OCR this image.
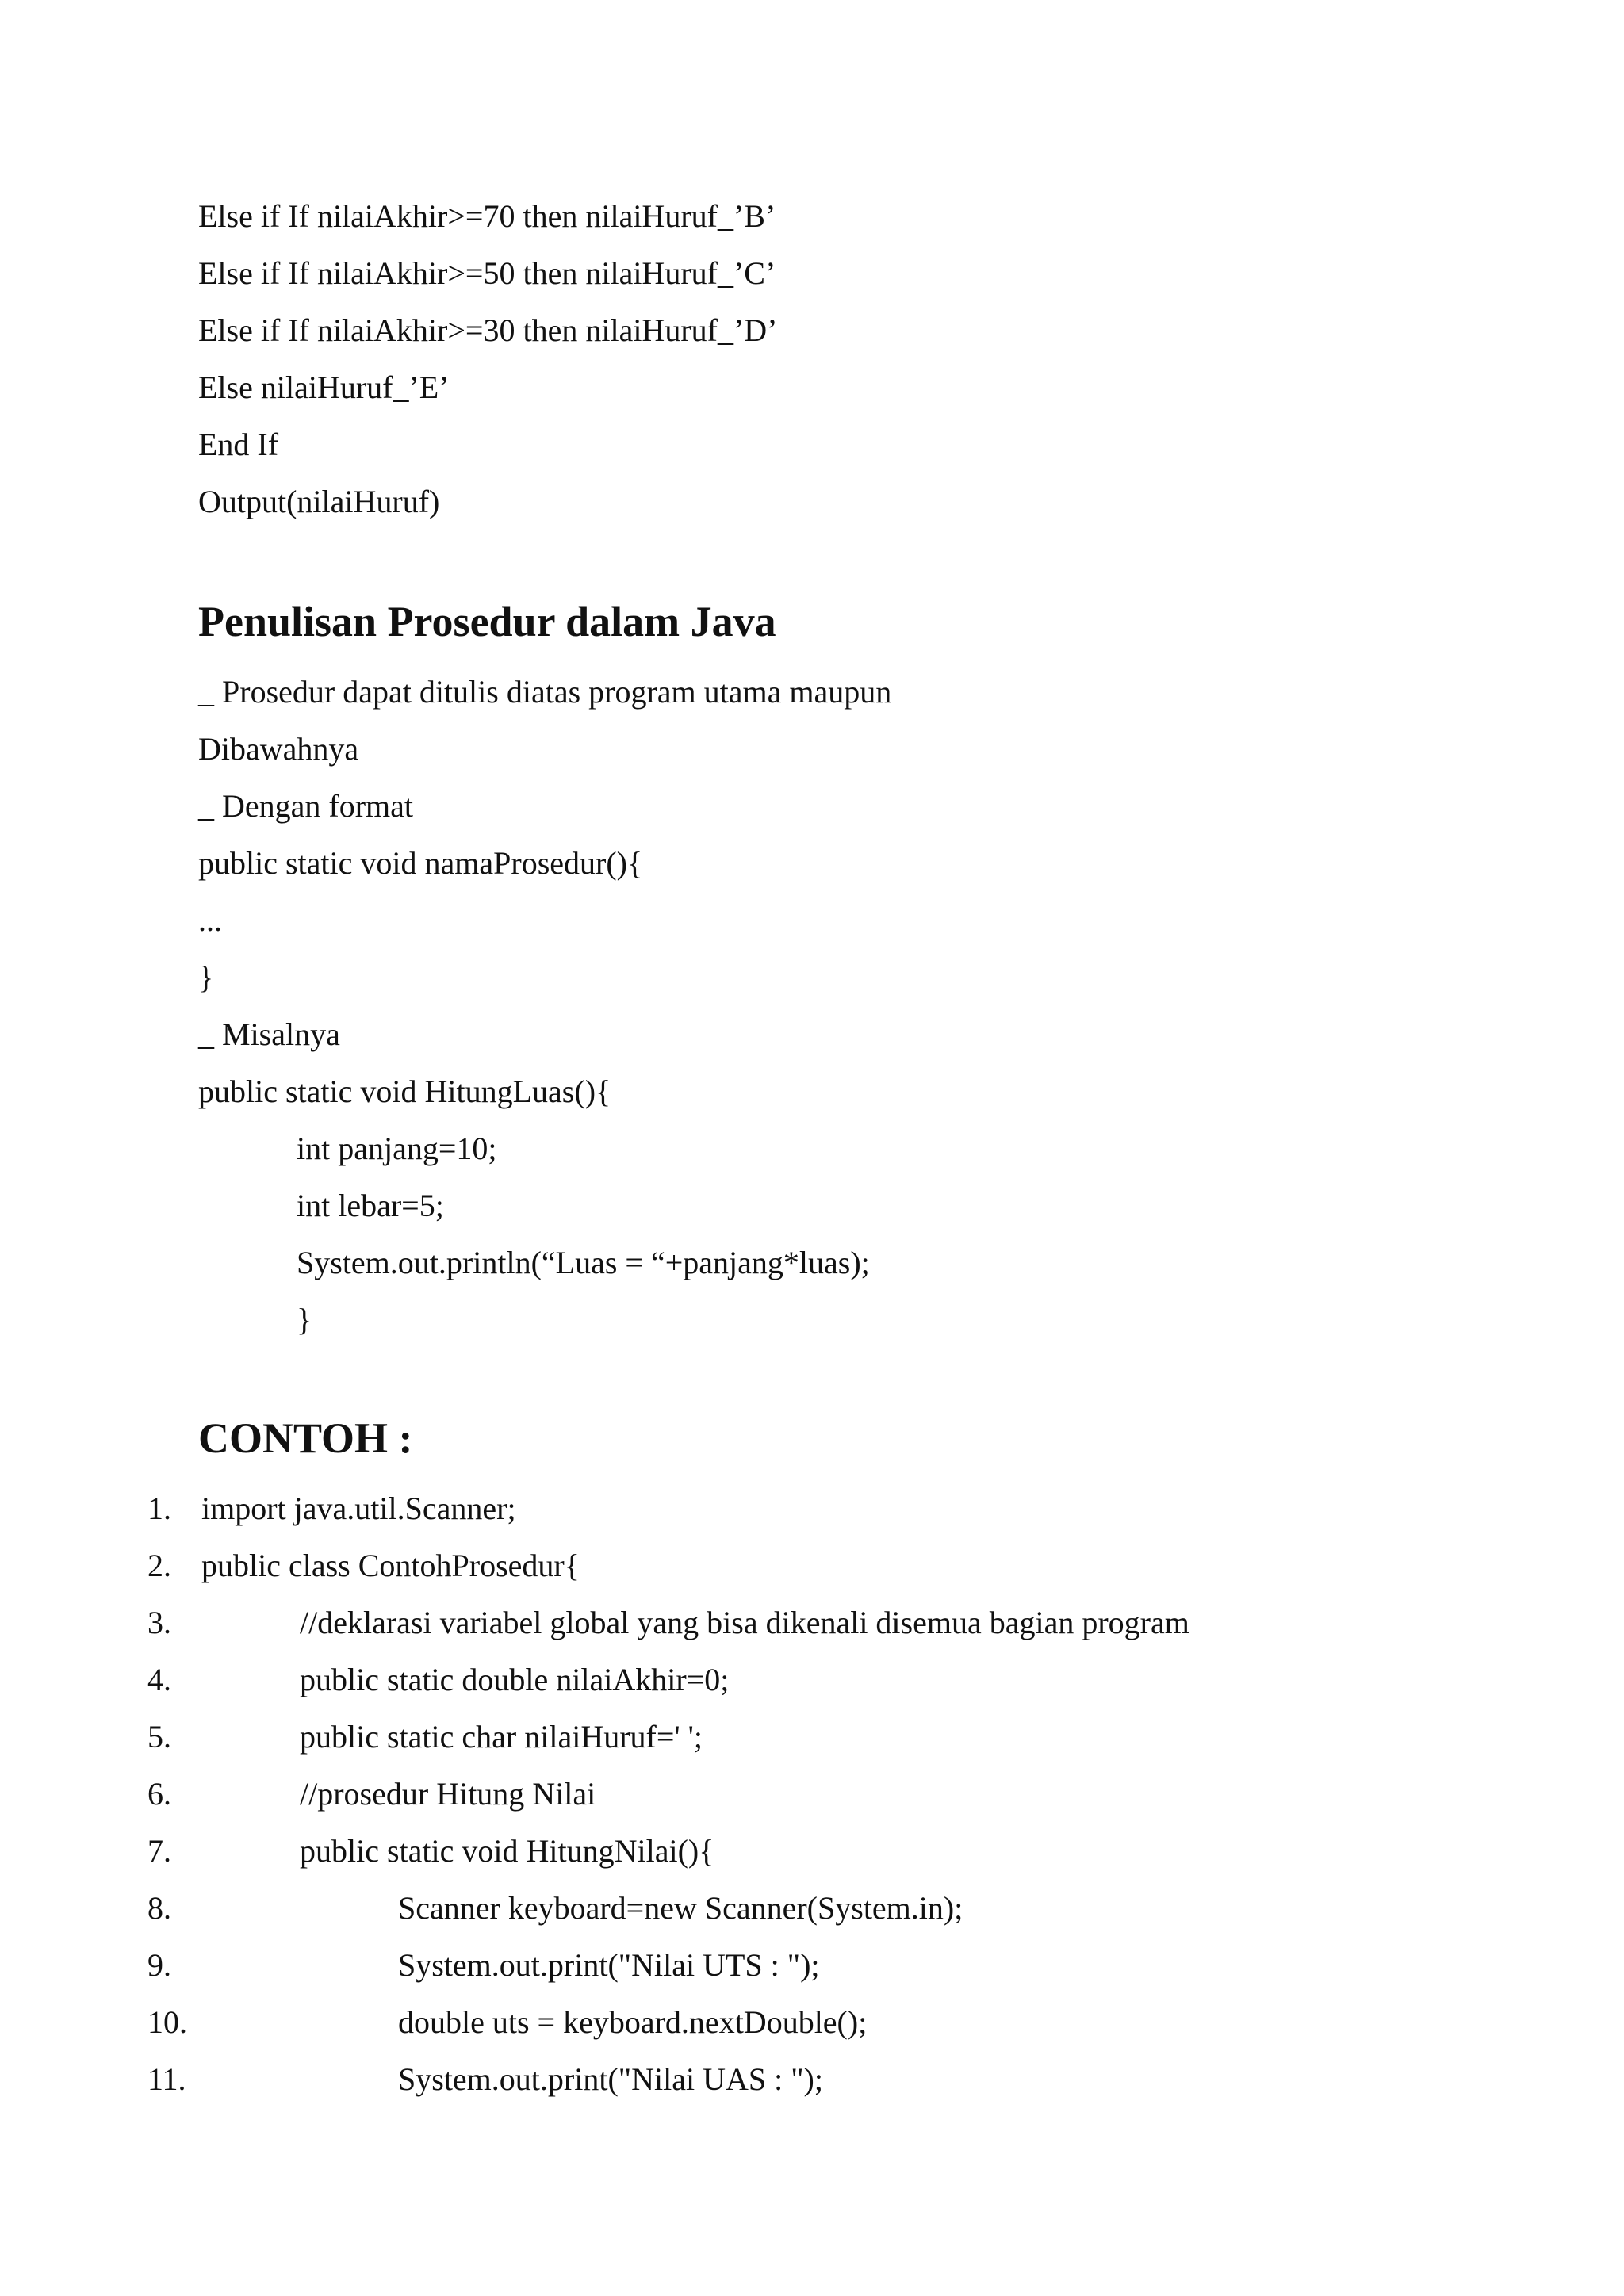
Else if If nilaiAkhir>=70 then nilaiHuruf_’B’
Else if If nilaiAkhir>=50 then nilaiHuruf_’C’
Else if If nilaiAkhir>=30 then nilaiHuruf_’D’
Else nilaiHuruf_’E’
End If
Output(nilaiHuruf)
Penulisan Prosedur dalam Java
_ Prosedur dapat ditulis diatas program utama maupun
Dibawahnya
_ Dengan format
public static void namaProsedur(){
...
}
_ Misalnya
public static void HitungLuas(){
int panjang=10;
int lebar=5;
System.out.println(“Luas = “+panjang*luas);
}
CONTOH :
1. import java.util.Scanner;
2. public class ContohProsedur{
3.	//deklarasi variabel global yang bisa dikenali disemua bagian program
4.	public static double nilaiAkhir=0;
5.	public static char nilaiHuruf=' ';
6.	//prosedur Hitung Nilai
7.	public static void HitungNilai(){
8.	Scanner keyboard=new Scanner(System.in);
9.	System.out.print("Nilai UTS : ");
10.	double uts = keyboard.nextDouble();
11.	System.out.print("Nilai UAS : ");
